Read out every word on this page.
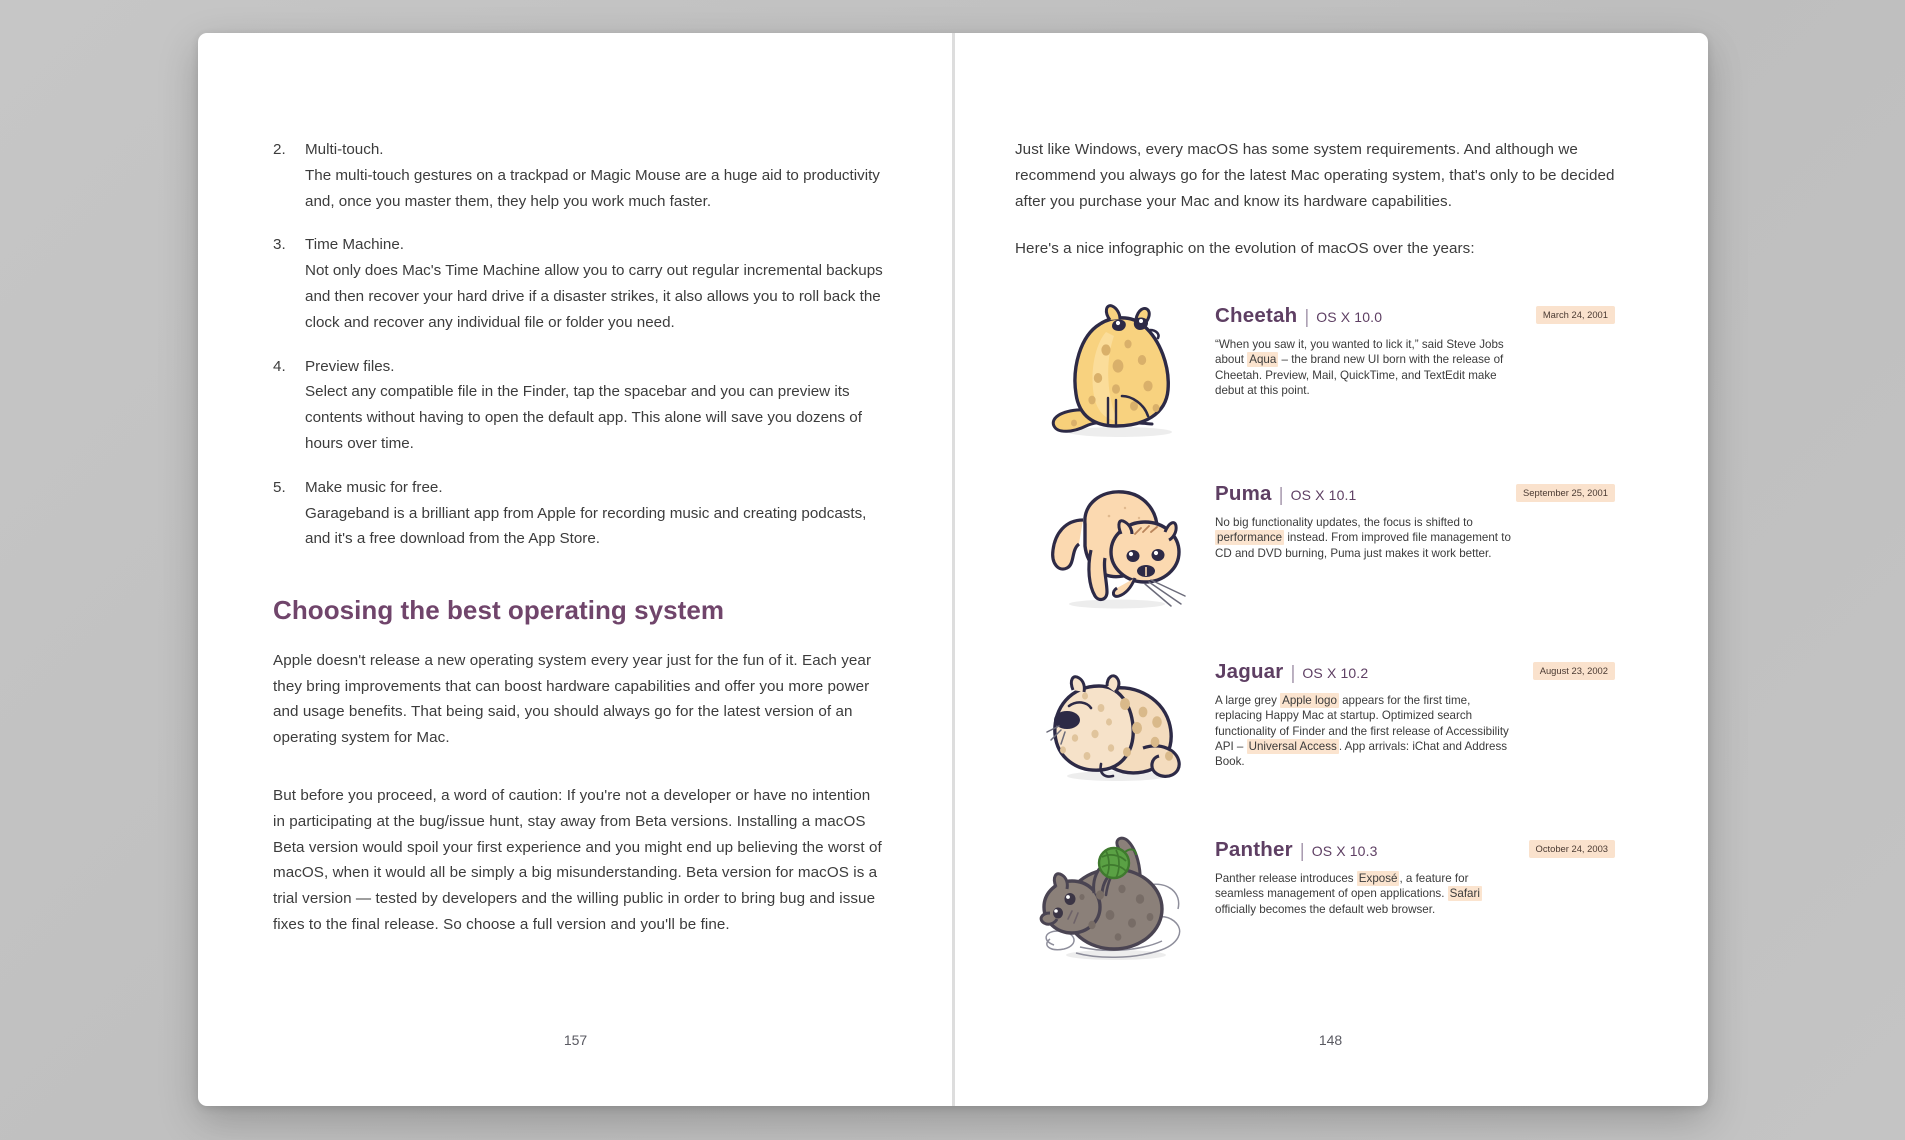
2.	Multi-touch.
The multi-touch gestures on a trackpad or Magic Mouse are a huge aid to productivity and, once you master them, they help you work much faster.
3.	Time Machine.
Not only does Mac's Time Machine allow you to carry out regular incremental backups and then recover your hard drive if a disaster strikes, it also allows you to roll back the clock and recover any individual file or folder you need.
4.	Preview files.
Select any compatible file in the Finder, tap the spacebar and you can preview its contents without having to open the default app. This alone will save you dozens of hours over time.
5.	Make music for free.
Garageband is a brilliant app from Apple for recording music and creating podcasts, and it's a free download from the App Store.
Choosing the best operating system

Apple doesn't release a new operating system every year just for the fun of it. Each year they bring improvements that can boost hardware capabilities and offer you more power and usage benefits. That being said, you should always go for the latest version of an operating system for Mac.

But before you proceed, a word of caution: If you're not a developer or have no intention in participating at the bug/issue hunt, stay away from Beta versions. Installing a macOS Beta version would spoil your first experience and you might end up believing the worst of macOS, when it would all be simply a big misunderstanding. Beta version for macOS is a trial version — tested by developers and the willing public in order to bring bug and issue fixes to the final release. So choose a full version and you'll be fine.

157

Just like Windows, every macOS has some system requirements. And although we recommend you always go for the latest Mac operating system, that's only to be decided after you purchase your Mac and know its hardware capabilities.

Here's a nice infographic on the evolution of macOS over the years:

Cheetah | OS X 10.0	March 24, 2001
“When you saw it, you wanted to lick it,” said Steve Jobs about Aqua – the brand new UI born with the release of Cheetah. Preview, Mail, QuickTime, and TextEdit make debut at this point.
Puma | OS X 10.1	September 25, 2001
No big functionality updates, the focus is shifted to performance instead. From improved file management to CD and DVD burning, Puma just makes it work better.
Jaguar | OS X 10.2	August 23, 2002
A large grey Apple logo appears for the first time, replacing Happy Mac at startup. Optimized search functionality of Finder and the first release of Accessibility API – Universal Access . App arrivals: iChat and Address Book.
Panther | OS X 10.3	October 24, 2003
Panther release introduces Exposé , a feature for seamless management of open applications. Safari officially becomes the default web browser.
148
